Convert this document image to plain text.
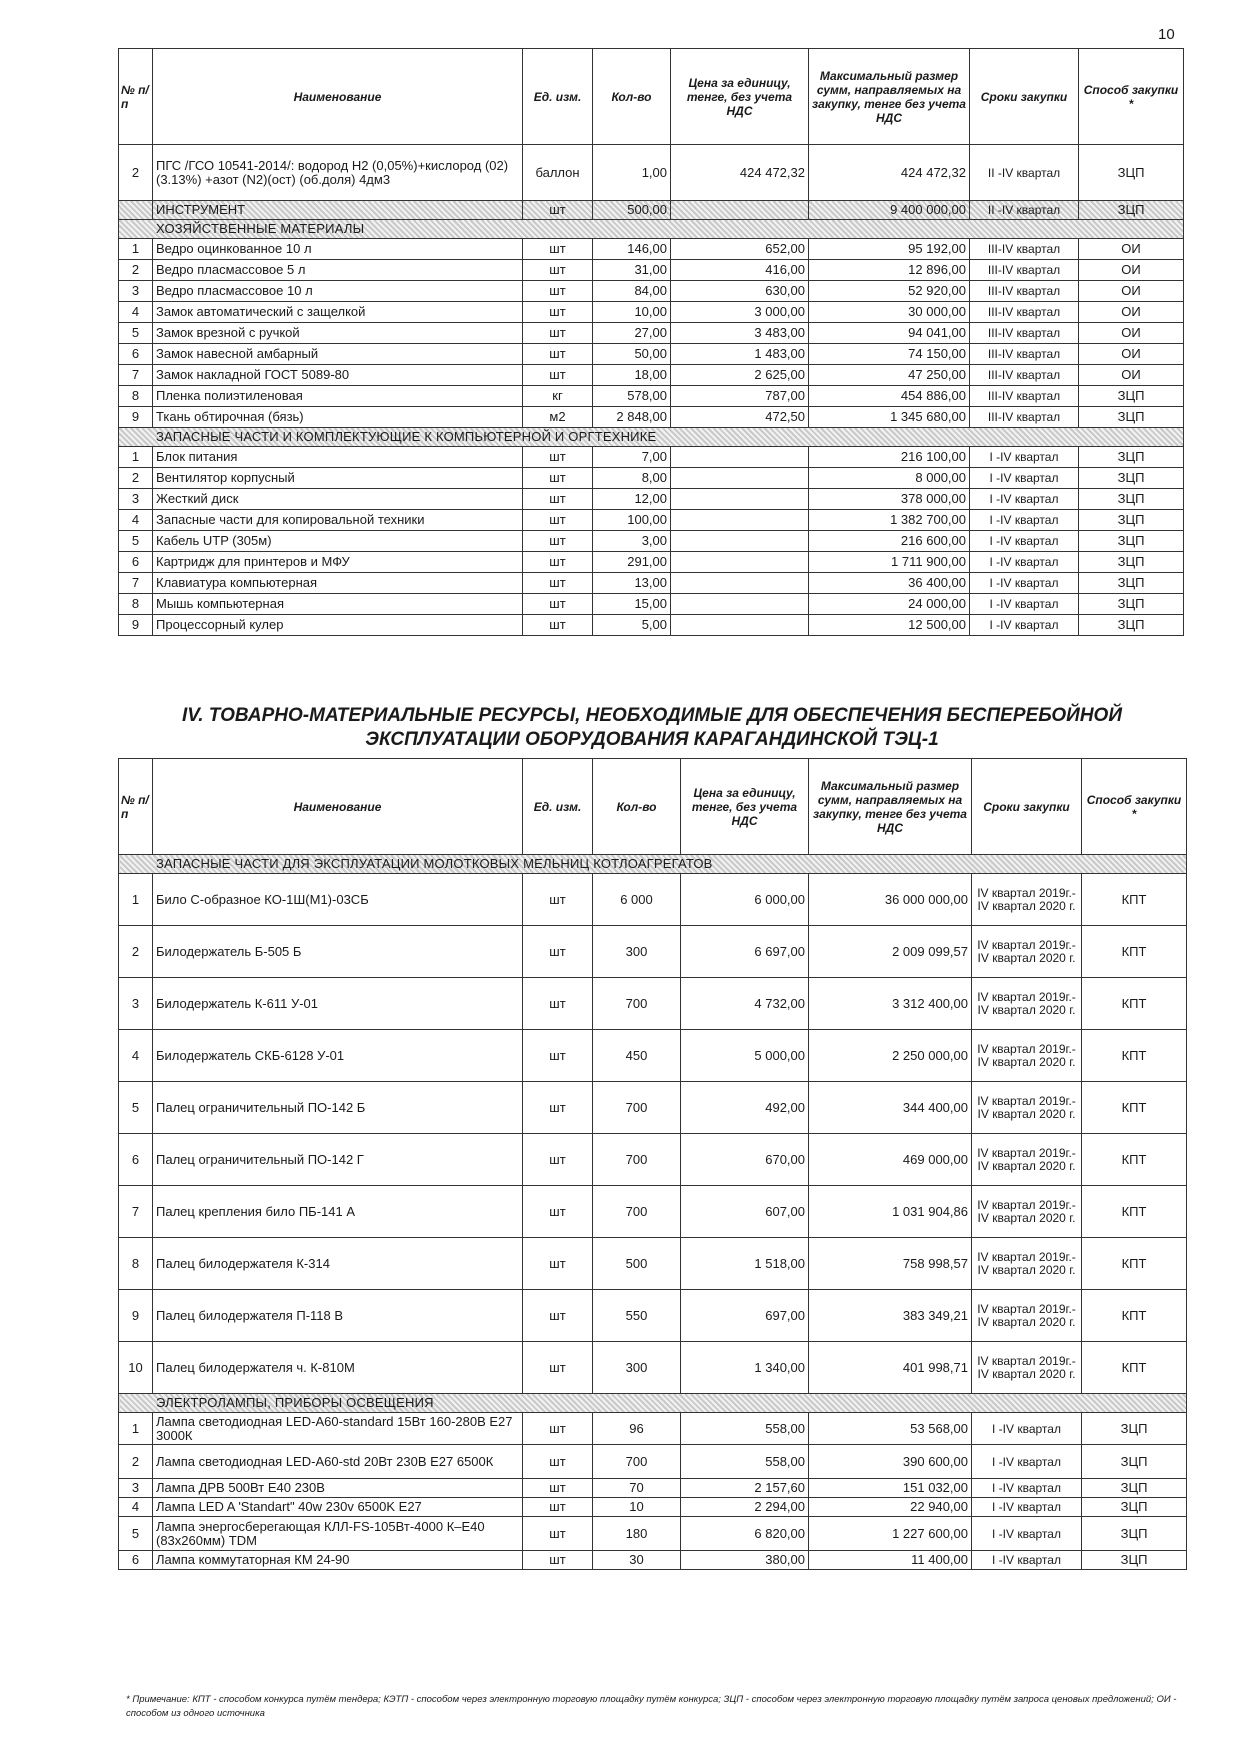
10
№ п/п	Наименование	Ед. изм.	Кол-во	Цена за единицу, тенге, без учета НДС	Максимальный размер сумм, направляемых на закупку, тенге без учета НДС	Сроки закупки	Способ закупки *
2	ПГС /ГСО 10541-2014/: водород Н2 (0,05%)+кислород (02) (3.13%) +азот (N2)(ост) (об.доля) 4дм3	баллон	1,00	424 472,32	424 472,32	II -IV квартал	ЗЦП
	ИНСТРУМЕНТ	шт	500,00		9 400 000,00	II -IV квартал	ЗЦП
ХОЗЯЙСТВЕННЫЕ МАТЕРИАЛЫ							
1	Ведро оцинкованное 10 л	шт	146,00	652,00	95 192,00	III-IV квартал	ОИ
2	Ведро пласмассовое 5 л	шт	31,00	416,00	12 896,00	III-IV квартал	ОИ
3	Ведро пласмассовое 10 л	шт	84,00	630,00	52 920,00	III-IV квартал	ОИ
4	Замок автоматический с защелкой	шт	10,00	3 000,00	30 000,00	III-IV квартал	ОИ
5	Замок врезной с ручкой	шт	27,00	3 483,00	94 041,00	III-IV квартал	ОИ
6	Замок навесной амбарный	шт	50,00	1 483,00	74 150,00	III-IV квартал	ОИ
7	Замок накладной ГОСТ 5089-80	шт	18,00	2 625,00	47 250,00	III-IV квартал	ОИ
8	Пленка полиэтиленовая	кг	578,00	787,00	454 886,00	III-IV квартал	ЗЦП
9	Ткань обтирочная (бязь)	м2	2 848,00	472,50	1 345 680,00	III-IV квартал	ЗЦП
ЗАПАСНЫЕ ЧАСТИ И КОМПЛЕКТУЮЩИЕ К КОМПЬЮТЕРНОЙ И ОРГТЕХНИКЕ							
1	Блок питания	шт	7,00		216 100,00	I -IV квартал	ЗЦП
2	Вентилятор корпусный	шт	8,00		8 000,00	I -IV квартал	ЗЦП
3	Жесткий диск	шт	12,00		378 000,00	I -IV квартал	ЗЦП
4	Запасные части для копировальной техники	шт	100,00		1 382 700,00	I -IV квартал	ЗЦП
5	Кабель UTP (305м)	шт	3,00		216 600,00	I -IV квартал	ЗЦП
6	Картридж для принтеров и МФУ	шт	291,00		1 711 900,00	I -IV квартал	ЗЦП
7	Клавиатура компьютерная	шт	13,00		36 400,00	I -IV квартал	ЗЦП
8	Мышь компьютерная	шт	15,00		24 000,00	I -IV квартал	ЗЦП
9	Процессорный кулер	шт	5,00		12 500,00	I -IV квартал	ЗЦП
IV. ТОВАРНО-МАТЕРИАЛЬНЫЕ РЕСУРСЫ, НЕОБХОДИМЫЕ ДЛЯ ОБЕСПЕЧЕНИЯ БЕСПЕРЕБОЙНОЙ
ЭКСПЛУАТАЦИИ ОБОРУДОВАНИЯ КАРАГАНДИНСКОЙ ТЭЦ-1
№ п/п	Наименование	Ед. изм.	Кол-во	Цена за единицу, тенге, без учета НДС	Максимальный размер сумм, направляемых на закупку, тенге без учета НДС	Сроки закупки	Способ закупки *
ЗАПАСНЫЕ ЧАСТИ ДЛЯ ЭКСПЛУАТАЦИИ МОЛОТКОВЫХ МЕЛЬНИЦ КОТЛОАГРЕГАТОВ							
1	Било С-образное КО-1Ш(М1)-03СБ	шт	6 000	6 000,00	36 000 000,00	IV квартал 2019г.- IV квартал 2020 г.	КПТ
2	Билодержатель Б-505 Б	шт	300	6 697,00	2 009 099,57	IV квартал 2019г.- IV квартал 2020 г.	КПТ
3	Билодержатель К-611 У-01	шт	700	4 732,00	3 312 400,00	IV квартал 2019г.- IV квартал 2020 г.	КПТ
4	Билодержатель СКБ-6128 У-01	шт	450	5 000,00	2 250 000,00	IV квартал 2019г.- IV квартал 2020 г.	КПТ
5	Палец ограничительный ПО-142 Б	шт	700	492,00	344 400,00	IV квартал 2019г.- IV квартал 2020 г.	КПТ
6	Палец ограничительный ПО-142 Г	шт	700	670,00	469 000,00	IV квартал 2019г.- IV квартал 2020 г.	КПТ
7	Палец крепления било ПБ-141 А	шт	700	607,00	1 031 904,86	IV квартал 2019г.- IV квартал 2020 г.	КПТ
8	Палец билодержателя К-314	шт	500	1 518,00	758 998,57	IV квартал 2019г.- IV квартал 2020 г.	КПТ
9	Палец билодержателя П-118 В	шт	550	697,00	383 349,21	IV квартал 2019г.- IV квартал 2020 г.	КПТ
10	Палец билодержателя ч. К-810М	шт	300	1 340,00	401 998,71	IV квартал 2019г.- IV квартал 2020 г.	КПТ
ЭЛЕКТРОЛАМПЫ, ПРИБОРЫ ОСВЕЩЕНИЯ							
1	Лампа светодиодная LED-A60-standard 15Вт 160-280В Е27 3000К	шт	96	558,00	53 568,00	I -IV квартал	ЗЦП
2	Лампа светодиодная LED-A60-std 20Вт 230В Е27 6500К	шт	700	558,00	390 600,00	I -IV квартал	ЗЦП
3	Лампа ДРВ 500Вт Е40 230В	шт	70	2 157,60	151 032,00	I -IV квартал	ЗЦП
4	Лампа LED A 'Standart" 40w 230v 6500K E27	шт	10	2 294,00	22 940,00	I -IV квартал	ЗЦП
5	Лампа энергосберегающая КЛЛ-FS-105Вт-4000 К–Е40 (83х260мм) TDM	шт	180	6 820,00	1 227 600,00	I -IV квартал	ЗЦП
6	Лампа коммутаторная КМ 24-90	шт	30	380,00	11 400,00	I -IV квартал	ЗЦП
* Примечание: КПТ - способом конкурса путём тендера; КЭТП - способом через электронную торговую площадку путём конкурса; ЗЦП - способом через электронную торговую площадку путём запроса ценовых предложений; ОИ - способом из одного источника
